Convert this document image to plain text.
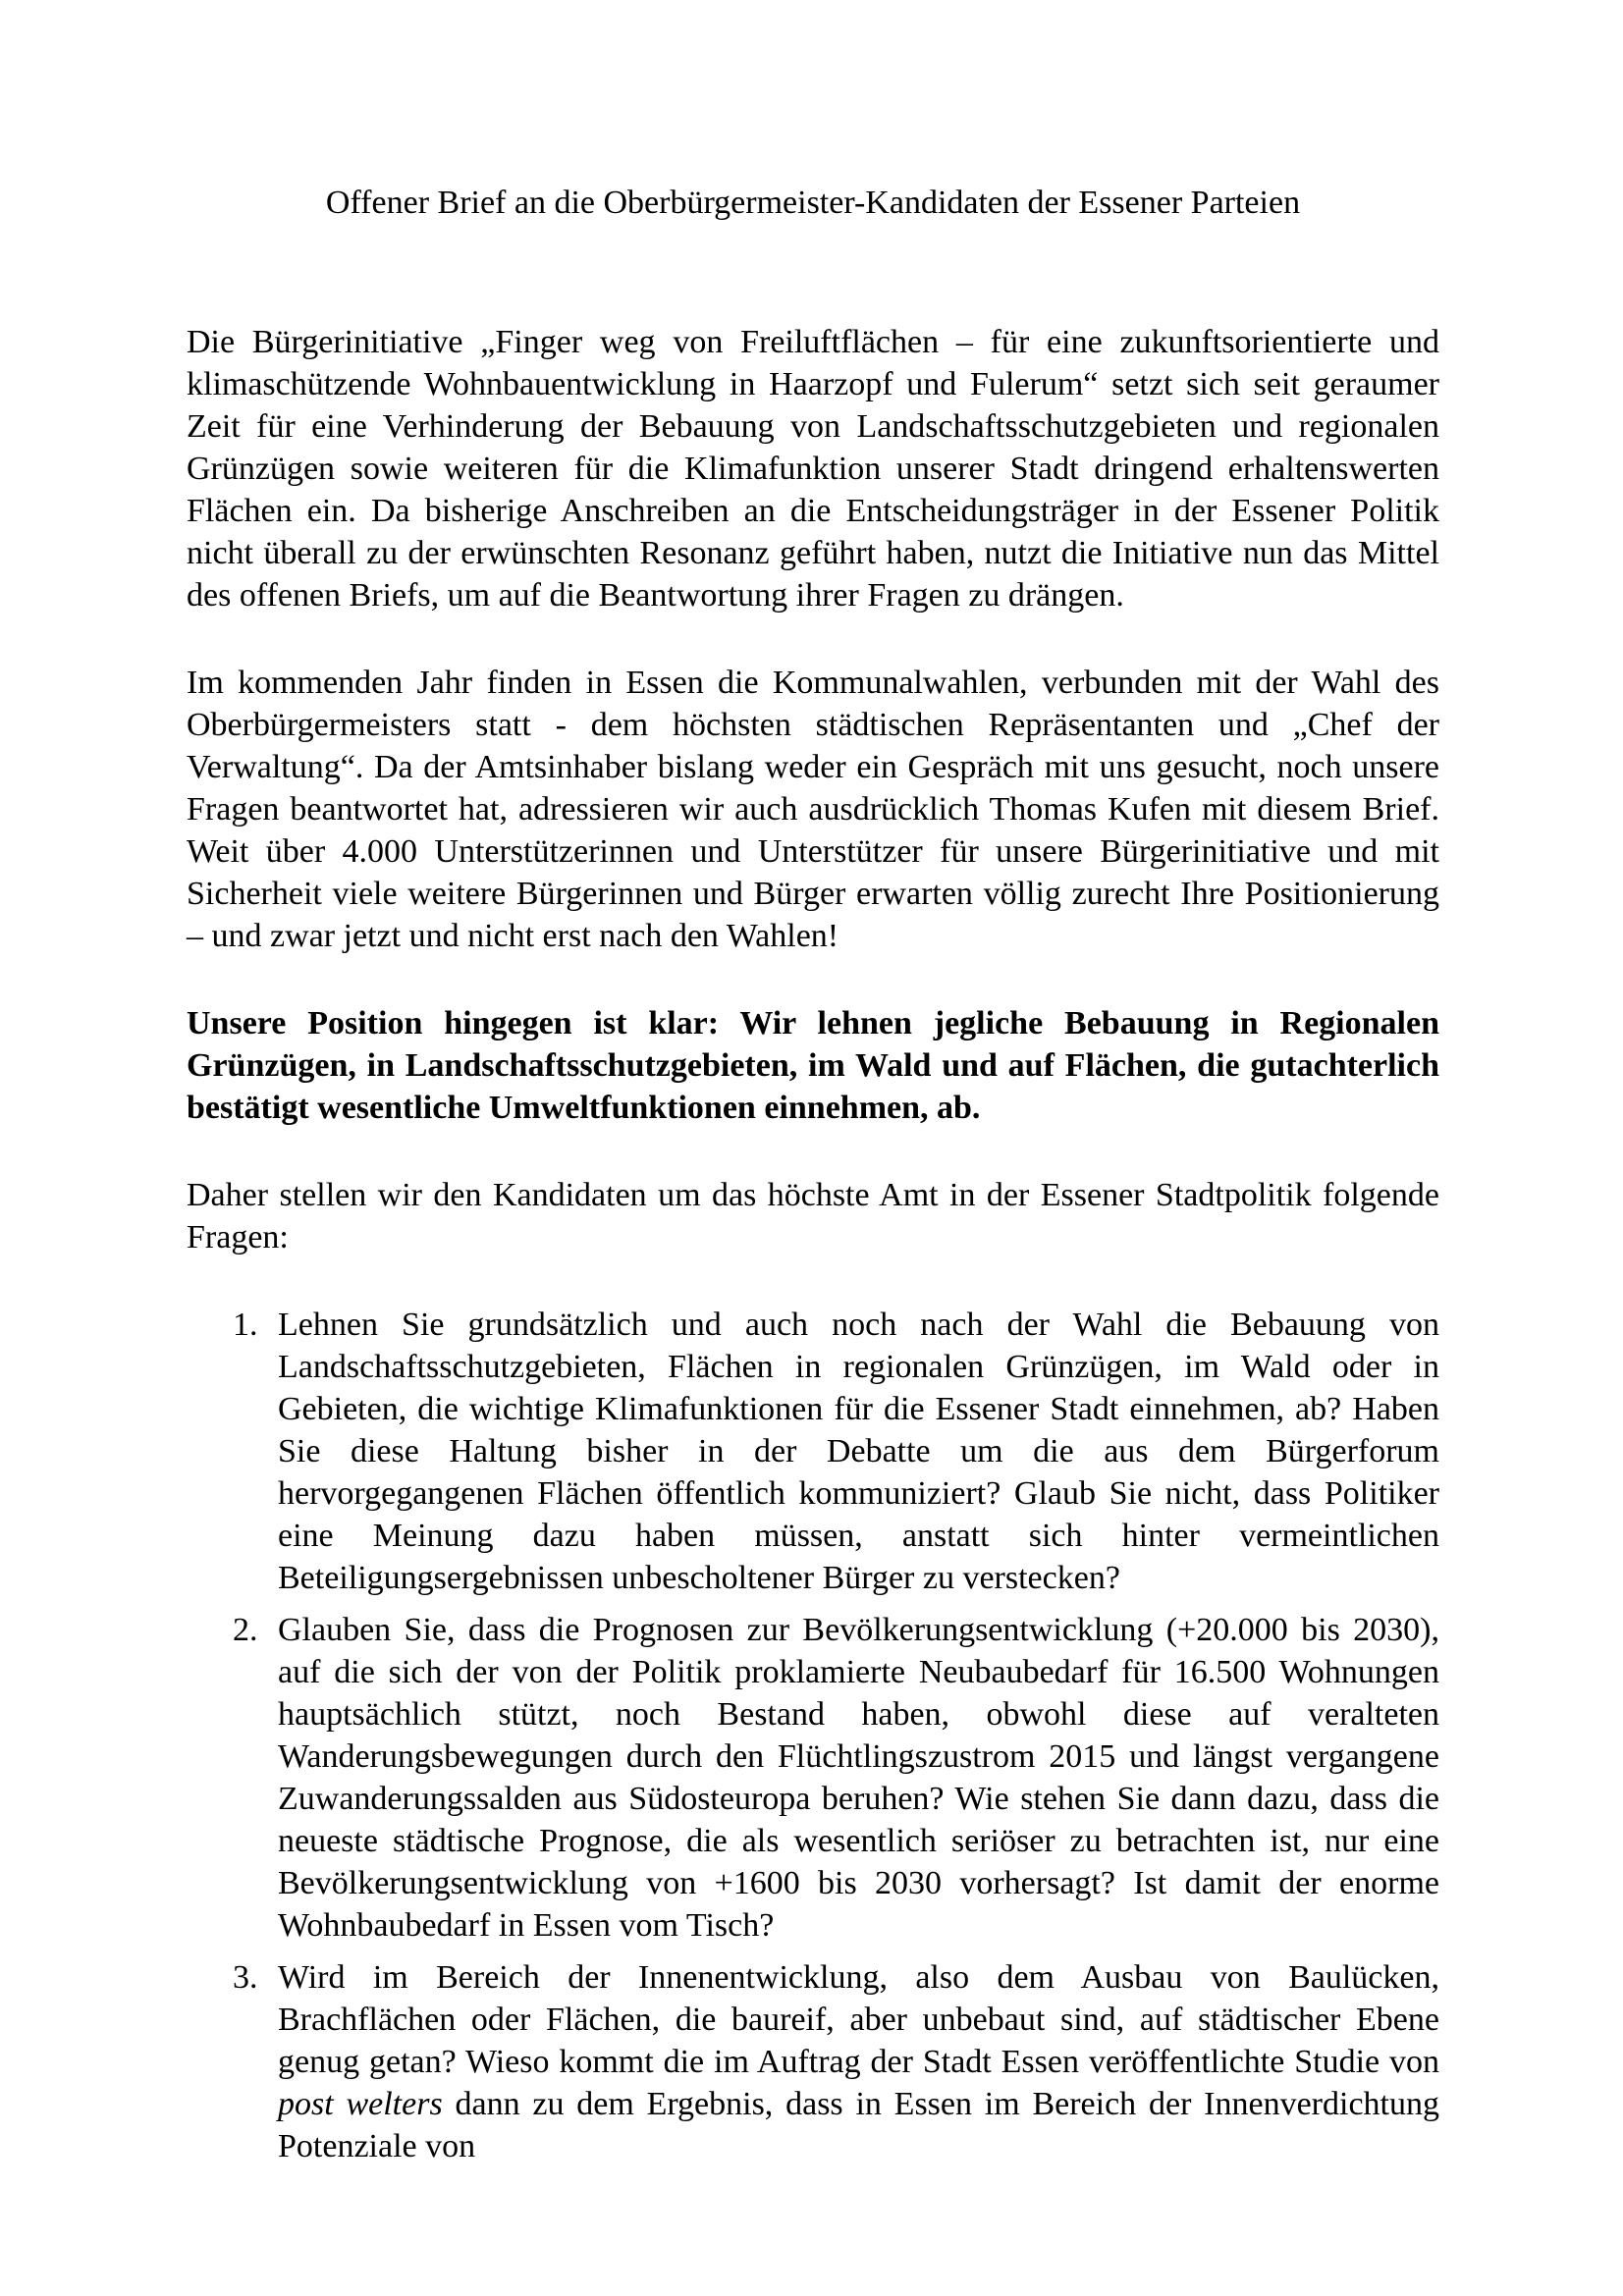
Offener Brief an die Oberbürgermeister-Kandidaten der Essener Parteien

Die Bürgerinitiative „Finger weg von Freiluftflächen – für eine zukunftsorientierte und klimaschützende Wohnbauentwicklung in Haarzopf und Fulerum“ setzt sich seit geraumer Zeit für eine Verhinderung der Bebauung von Landschaftsschutzgebieten und regionalen Grünzügen sowie weiteren für die Klimafunktion unserer Stadt dringend erhaltenswerten Flächen ein. Da bisherige Anschreiben an die Entscheidungsträger in der Essener Politik nicht überall zu der erwünschten Resonanz geführt haben, nutzt die Initiative nun das Mittel des offenen Briefs, um auf die Beantwortung ihrer Fragen zu drängen.

Im kommenden Jahr finden in Essen die Kommunalwahlen, verbunden mit der Wahl des Oberbürgermeisters statt - dem höchsten städtischen Repräsentanten und „Chef der Verwaltung“. Da der Amtsinhaber bislang weder ein Gespräch mit uns gesucht, noch unsere Fragen beantwortet hat, adressieren wir auch ausdrücklich Thomas Kufen mit diesem Brief. Weit über 4.000 Unterstützerinnen und Unterstützer für unsere Bürgerinitiative und mit Sicherheit viele weitere Bürgerinnen und Bürger erwarten völlig zurecht Ihre Positionierung – und zwar jetzt und nicht erst nach den Wahlen!

Unsere Position hingegen ist klar: Wir lehnen jegliche Bebauung in Regionalen Grünzügen, in Landschaftsschutzgebieten, im Wald und auf Flächen, die gutachterlich bestätigt wesentliche Umweltfunktionen einnehmen, ab.

Daher stellen wir den Kandidaten um das höchste Amt in der Essener Stadtpolitik folgende Fragen:

1. Lehnen Sie grundsätzlich und auch noch nach der Wahl die Bebauung von Landschaftsschutzgebieten, Flächen in regionalen Grünzügen, im Wald oder in Gebieten, die wichtige Klimafunktionen für die Essener Stadt einnehmen, ab? Haben Sie diese Haltung bisher in der Debatte um die aus dem Bürgerforum hervorgegangenen Flächen öffentlich kommuniziert? Glaub Sie nicht, dass Politiker eine Meinung dazu haben müssen, anstatt sich hinter vermeintlichen Beteiligungsergebnissen unbescholtener Bürger zu verstecken?
2. Glauben Sie, dass die Prognosen zur Bevölkerungsentwicklung (+20.000 bis 2030), auf die sich der von der Politik proklamierte Neubaubedarf für 16.500 Wohnungen hauptsächlich stützt, noch Bestand haben, obwohl diese auf veralteten Wanderungsbewegungen durch den Flüchtlingszustrom 2015 und längst vergangene Zuwanderungssalden aus Südosteuropa beruhen? Wie stehen Sie dann dazu, dass die neueste städtische Prognose, die als wesentlich seriöser zu betrachten ist, nur eine Bevölkerungsentwicklung von +1600 bis 2030 vorhersagt? Ist damit der enorme Wohnbaubedarf in Essen vom Tisch?
3. Wird im Bereich der Innenentwicklung, also dem Ausbau von Baulücken, Brachflächen oder Flächen, die baureif, aber unbebaut sind, auf städtischer Ebene genug getan? Wieso kommt die im Auftrag der Stadt Essen veröffentlichte Studie von post welters dann zu dem Ergebnis, dass in Essen im Bereich der Innenverdichtung Potenziale von
